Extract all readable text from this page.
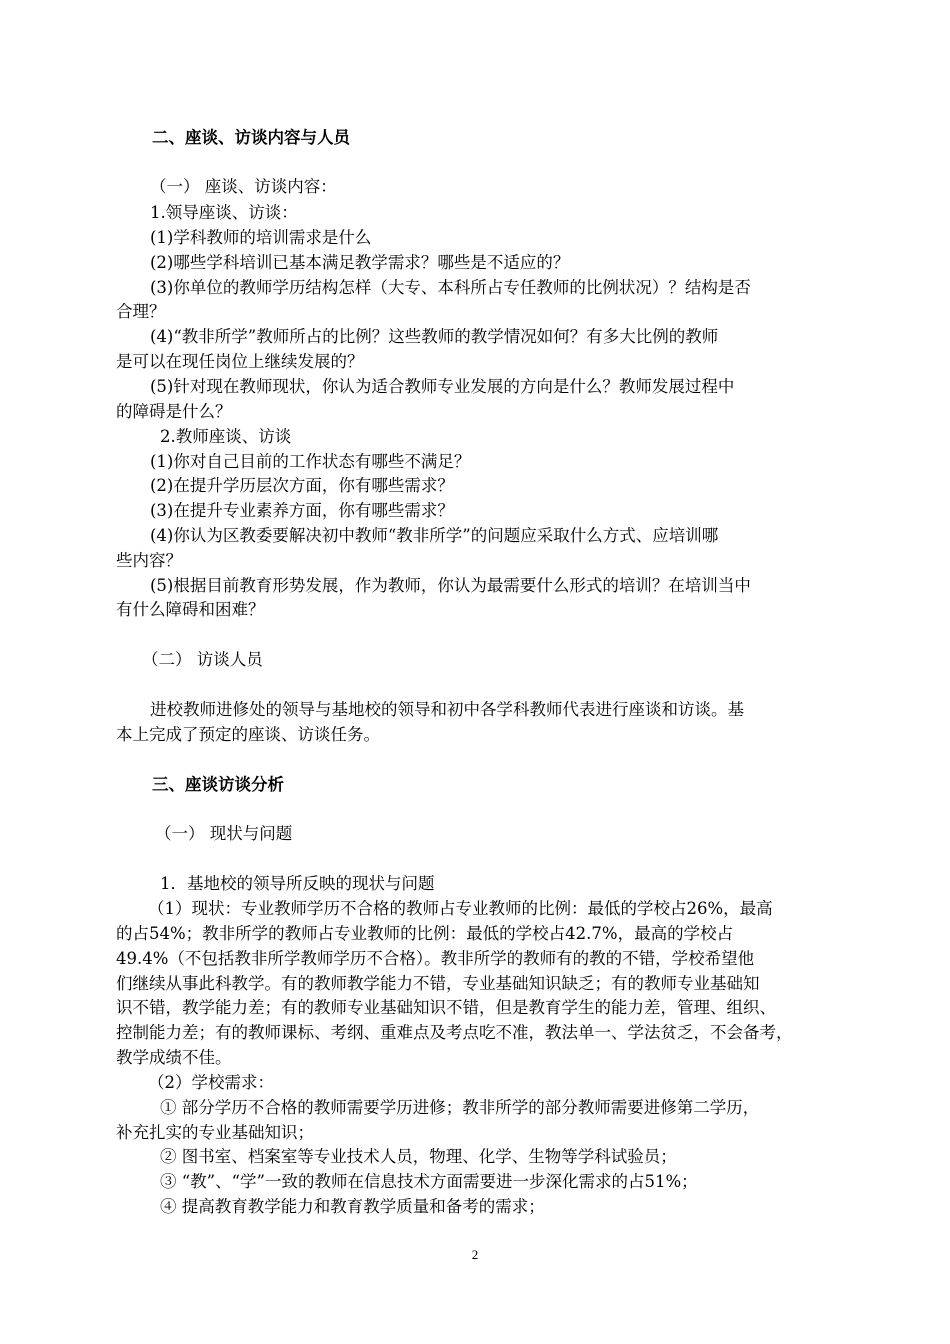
二、座谈、访谈内容与人员
（一） 座谈、访谈内容：
1.领导座谈、访谈：
(1)学科教师的培训需求是什么
(2)哪些学科培训已基本满足教学需求？哪些是不适应的？
(3)你单位的教师学历结构怎样（大专、本科所占专任教师的比例状况）？结构是否
合理？
(4)“教非所学”教师所占的比例？这些教师的教学情况如何？有多大比例的教师
是可以在现任岗位上继续发展的？
(5)针对现在教师现状，你认为适合教师专业发展的方向是什么？教师发展过程中
的障碍是什么？
2.教师座谈、访谈
(1)你对自己目前的工作状态有哪些不满足？
(2)在提升学历层次方面，你有哪些需求？
(3)在提升专业素养方面，你有哪些需求？
(4)你认为区教委要解决初中教师“教非所学”的问题应采取什么方式、应培训哪
些内容？
(5)根据目前教育形势发展，作为教师，你认为最需要什么形式的培训？在培训当中
有什么障碍和困难？
（二） 访谈人员
进校教师进修处的领导与基地校的领导和初中各学科教师代表进行座谈和访谈。基
本上完成了预定的座谈、访谈任务。
三、座谈访谈分析
（一） 现状与问题
1．基地校的领导所反映的现状与问题
（1）现状：专业教师学历不合格的教师占专业教师的比例：最低的学校占26%，最高
的占54%；教非所学的教师占专业教师的比例：最低的学校占42.7%，最高的学校占
49.4%（不包括教非所学教师学历不合格）。教非所学的教师有的教的不错，学校希望他
们继续从事此科教学。有的教师教学能力不错，专业基础知识缺乏；有的教师专业基础知
识不错，教学能力差；有的教师专业基础知识不错，但是教育学生的能力差，管理、组织、
控制能力差；有的教师课标、考纲、重难点及考点吃不准，教法单一、学法贫乏，不会备考，
教学成绩不佳。
（2）学校需求：
① 部分学历不合格的教师需要学历进修；教非所学的部分教师需要进修第二学历，
补充扎实的专业基础知识；
② 图书室、档案室等专业技术人员，物理、化学、生物等学科试验员；
③ “教”、“学”一致的教师在信息技术方面需要进一步深化需求的占51%；
④ 提高教育教学能力和教育教学质量和备考的需求；
2
